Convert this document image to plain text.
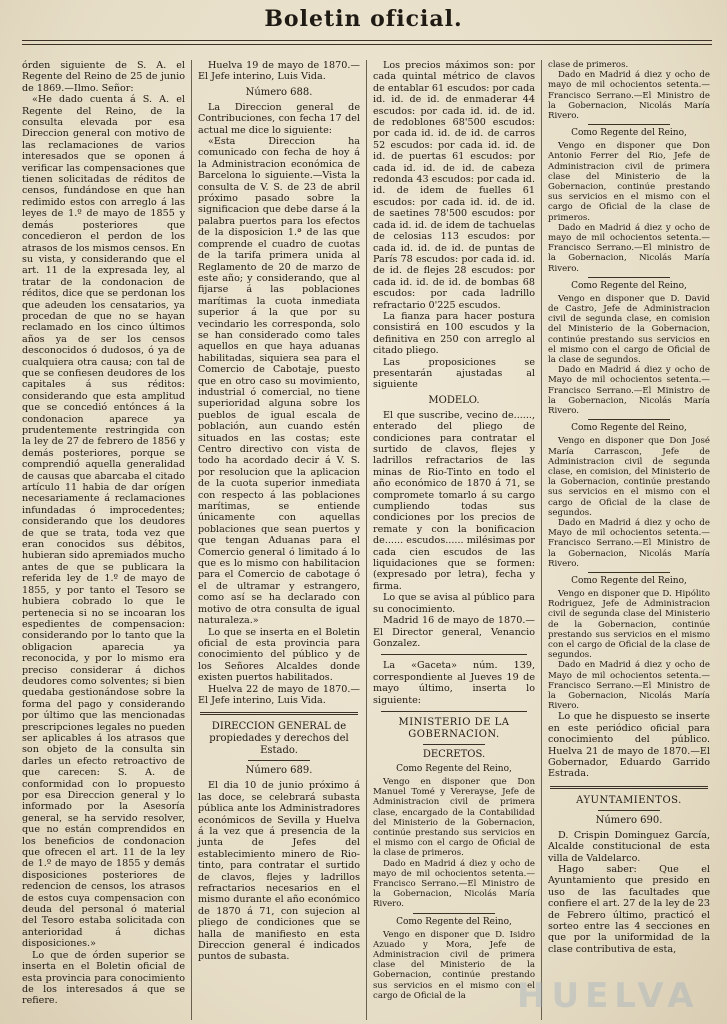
Boletin oficial.

órden siguiente de S. A. el Regente del Reino de 25 de junio de 1869.—Ilmo. Señor:

«He dado cuenta á S. A. el Regente del Reino, de la consulta elevada por esa Direccion general con motivo de las reclamaciones de varios interesados que se oponen á verificar las compensaciones que tienen solicitadas de réditos de censos, fundándose en que han redimido estos con arreglo á las leyes de 1.º de mayo de 1855 y demás posteriores que concedieron el perdon de los atrasos de los mismos censos. En su vista, y considerando que el art. 11 de la expresada ley, al tratar de la condonacion de réditos, dice que se perdonan los que adeuden los censatarios, ya procedan de que no se hayan reclamado en los cinco últimos años ya de ser los censos desconocidos ó dudosos, ó ya de cualquiera otra causa; con tal de que se confiesen deudores de los capitales á sus réditos: considerando que esta amplitud que se concedió entónces á la condonacion aparece ya prudentemente restringida con la ley de 27 de febrero de 1856 y demás posteriores, porque se comprendió aquella generalidad de causas que abarcaba el citado artículo 11 habia de dar orígen necesariamente á reclamaciones infundadas ó improcedentes; considerando que los deudores de que se trata, toda vez que eran conocidos sus débitos, hubieran sido apremiados mucho antes de que se publicara la referida ley de 1.º de mayo de 1855, y por tanto el Tesoro se hubiera cobrado lo que le pertenecia si no se incoaran los espedientes de compensacion: considerando por lo tanto que la obligacion aparecia ya reconocida, y por lo mismo era preciso considerar á dichos deudores como solventes; si bien quedaba gestionándose sobre la forma del pago y considerando por último que las mencionadas prescripciones legales no pueden ser aplicables á los atrasos que son objeto de la consulta sin darles un efecto retroactivo de que carecen: S. A. de conformidad con lo propuesto por esa Direccion general y lo informado por la Asesoría general, se ha servido resolver, que no están comprendidos en los beneficios de condonacion que ofrecen el art. 11 de la ley de 1.º de mayo de 1855 y demás disposiciones posteriores de redencion de censos, los atrasos de estos cuya compensacion con deuda del personal ó material del Tesoro estaba solicitada con anterioridad á dichas disposiciones.»

Lo que de órden superior se inserta en el Boletin oficial de esta provincia para conocimiento de los interesados á que se refiere.

Huelva 19 de mayo de 1870.—El Jefe interino, Luis Vida.

Número 688.

La Direccion general de Contribuciones, con fecha 17 del actual me dice lo siguiente:

«Esta Direccion ha comunicado con fecha de hoy á la Administracion económica de Barcelona lo siguiente.—Vista la consulta de V. S. de 23 de abril próximo pasado sobre la significacion que debe darse á la palabra puertos para los efectos de la disposicion 1.ª de las que comprende el cuadro de cuotas de la tarifa primera unida al Reglamento de 20 de marzo de este año; y considerando, que al fijarse á las poblaciones marítimas la cuota inmediata superior á la que por su vecindario les corresponda, solo se han considerado como tales aquellos en que haya aduanas habilitadas, siquiera sea para el Comercio de Cabotaje, puesto que en otro caso su movimiento, industrial ó comercial, no tiene superioridad alguna sobre los pueblos de igual escala de población, aun cuando estén situados en las costas; este Centro directivo con vista de todo ha acordado decir á V. S. por resolucion que la aplicacion de la cuota superior inmediata con respecto á las poblaciones marítimas, se entiende únicamente con aquellas poblaciones que sean puertos y que tengan Aduanas para el Comercio general ó limitado á lo que es lo mismo con habilitacion para el Comercio de cabotage ó el de ultramar y estrangero, como así se ha declarado con motivo de otra consulta de igual naturaleza.»

Lo que se inserta en el Boletin oficial de esta provincia para conocimiento del público y de los Señores Alcaldes donde existen puertos habilitados.

Huelva 22 de mayo de 1870.—El Jefe interino, Luis Vida.

DIRECCION GENERAL de propiedades y derechos del Estado.
Número 689.

El dia 10 de junio próximo á las doce, se celebrará subasta pública ante los Administradores económicos de Sevilla y Huelva á la vez que á presencia de la junta de Jefes del establecimiento minero de Rio-tinto, para contratar el surtido de clavos, flejes y ladrillos refractarios necesarios en el mismo durante el año económico de 1870 á 71, con sujecion al pliego de condiciones que se halla de manifiesto en esta Direccion general é indicados puntos de subasta.

Los precios máximos son: por cada quintal métrico de clavos de entablar 61 escudos: por cada id. id. de id. de enmaderar 44 escudos: por cada id. id. de id. de redoblones 68'500 escudos: por cada id. id. de id. de carros 52 escudos: por cada id. id. de id. de puertas 61 escudos: por cada id. id. de id. de cabeza redonda 43 escudos: por cada id. id. de idem de fuelles 61 escudos: por cada id. id. de id. de saetines 78'500 escudos: por cada id. id. de idem de tachuelas de celosias 113 escudos: por cada id. id. de id. de puntas de París 78 escudos: por cada id. id. de id. de flejes 28 escudos: por cada id. id. de id. de bombas 68 escudos: por cada ladrillo refractario 0'225 escudos.

La fianza para hacer postura consistirá en 100 escudos y la definitiva en 250 con arreglo al citado pliego.

Las proposiciones se presentarán ajustadas al siguiente

MODELO.

El que suscribe, vecino de......, enterado del pliego de condiciones para contratar el surtido de clavos, flejes y ladrillos refractarios de las minas de Rio-Tinto en todo el año económico de 1870 á 71, se compromete tomarlo á su cargo cumpliendo todas sus condiciones por los precios de remate y con la bonificacion de...... escudos...... milésimas por cada cien escudos de las liquidaciones que se formen: (expresado por letra), fecha y firma.

Lo que se avisa al público para su conocimiento.

Madrid 16 de mayo de 1870.—El Director general, Venancio Gonzalez.

La «Gaceta» núm. 139, correspondiente al Jueves 19 de mayo último, inserta lo siguiente:

MINISTERIO DE LA GOBERNACION.
DECRETOS.
Como Regente del Reino,

Vengo en disponer que Don Manuel Tomé y Vererayse, Jefe de Administracion civil de primera clase, encargado de la Contabilidad del Ministerio de la Gobernacion, continúe prestando sus servicios en el mismo con el cargo de Oficial de la clase de primeros.

Dado en Madrid á diez y ocho de mayo de mil ochocientos setenta.—Francisco Serrano.—El Ministro de la Gobernacion, Nicolás María Rivero.

Como Regente del Reino,

Vengo en disponer que D. Isidro Azuado y Mora, Jefe de Administracion civil de primera clase del Ministerio de la Gobernacion, continúe prestando sus servicios en el mismo con el cargo de Oficial de la

clase de primeros.

Dado en Madrid á diez y ocho de mayo de mil ochocientos setenta.—Francisco Serrano.—El Ministro de la Gobernacion, Nicolás María Rivero.

Como Regente del Reino,

Vengo en disponer que Don Antonio Ferrer del Rio, Jefe de Administracion civil de primera clase del Ministerio de la Gobernacion, continúe prestando sus servicios en el mismo con el cargo de Oficial de la clase de primeros.

Dado en Madrid á diez y ocho de mayo de mil ochocientos setenta.—Francisco Serrano.—El ministro de la Gobernacion, Nicolás María Rivero.

Como Regente del Reino,

Vengo en disponer que D. David de Castro, Jefe de Administracion civil de segunda clase, en comision del Ministerio de la Gobernacion, continúe prestando sus servicios en el mismo con el cargo de Oficial de la clase de segundos.

Dado en Madrid á diez y ocho de Mayo de mil ochocientos setenta.—Francisco Serrano.—El Ministro de la Gobernacion, Nicolás María Rivero.

Como Regente del Reino,

Vengo en disponer que Don José María Carrascon, Jefe de Administracion civil de segunda clase, en comision, del Ministerio de la Gobernacion, continúe prestando sus servicios en el mismo con el cargo de Oficial de la clase de segundos.

Dado en Madrid á diez y ocho de Mayo de mil ochocientos setenta.—Francisco Serrano.—El Ministro de la Gobernacion, Nicolás María Rivero.

Como Regente del Reino,

Vengo en disponer que D. Hipólito Rodriguez, Jefe de Administracion civil de segunda clase del Ministerio de la Gobernacion, continúe prestando sus servicios en el mismo con el cargo de Oficial de la clase de segundos.

Dado en Madrid á diez y ocho de Mayo de mil ochocientos setenta.—Francisco Serrano.—El Ministro de la Gobernacion, Nicolás María Rivero.

Lo que he dispuesto se inserte en este periódico oficial para conocimiento del público. Huelva 21 de mayo de 1870.—El Gobernador, Eduardo Garrido Estrada.

AYUNTAMIENTOS.
Número 690.

D. Crispin Dominguez García, Alcalde constitucional de esta villa de Valdelarco.

Hago saber: Que el Ayuntamiento que presido en uso de las facultades que confiere el art. 27 de la ley de 23 de Febrero último, practicó el sorteo entre las 4 secciones en que por la uniformidad de la clase contributiva de esta,

HUELVA
